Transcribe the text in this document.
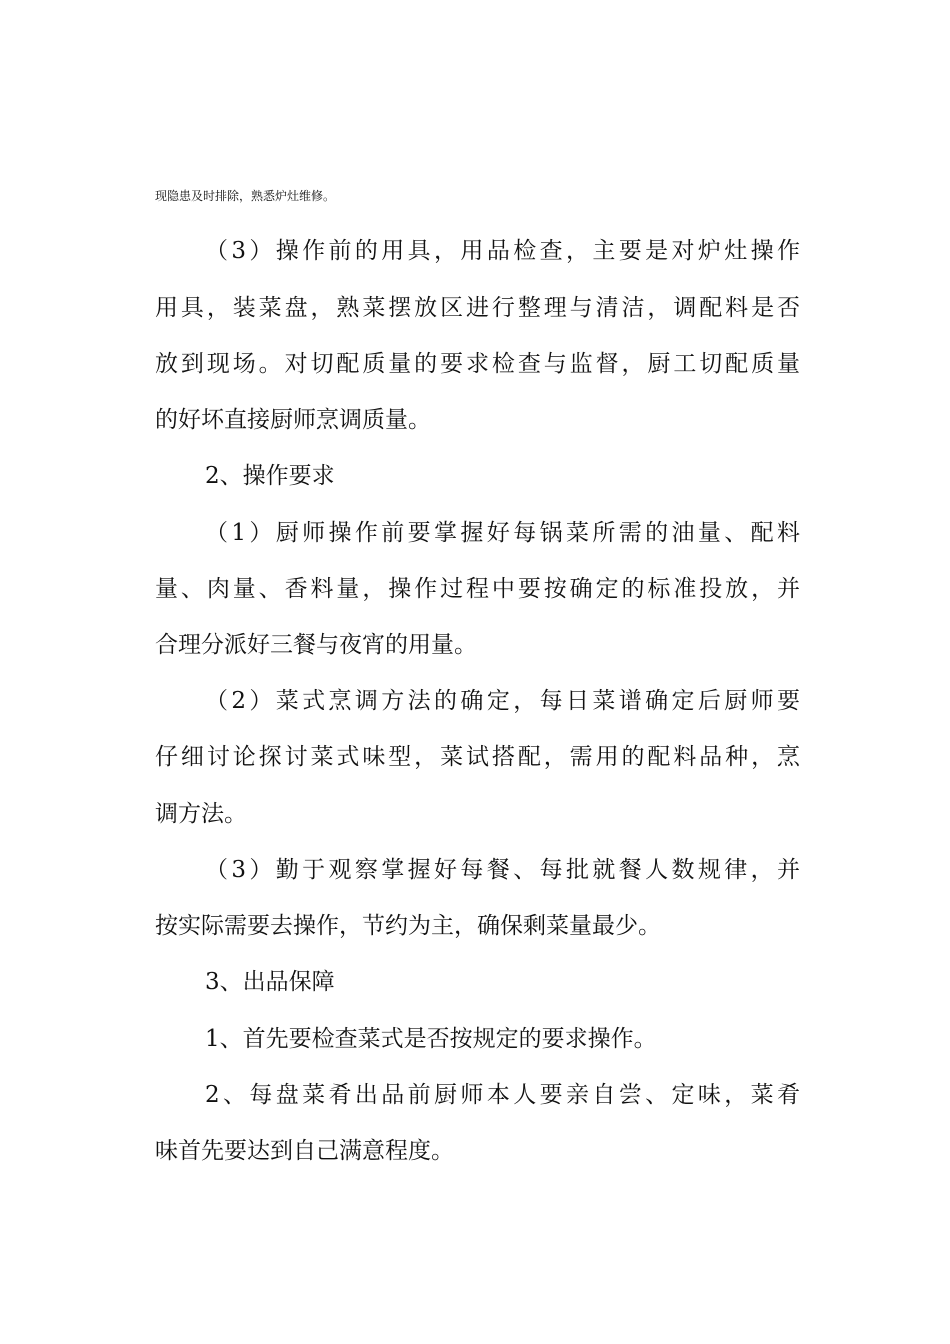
现隐患及时排除，熟悉炉灶维修。
（3）操作前的用具，用品检查，主要是对炉灶操作
用具，装菜盘，熟菜摆放区进行整理与清洁，调配料是否
放到现场。对切配质量的要求检查与监督，厨工切配质量
的好坏直接厨师烹调质量。
2、操作要求
（1）厨师操作前要掌握好每锅菜所需的油量、配料
量、肉量、香料量，操作过程中要按确定的标准投放，并
合理分派好三餐与夜宵的用量。
（2）菜式烹调方法的确定，每日菜谱确定后厨师要
仔细讨论探讨菜式味型，菜试搭配，需用的配料品种，烹
调方法。
（3）勤于观察掌握好每餐、每批就餐人数规律，并
按实际需要去操作，节约为主，确保剩菜量最少。
3、出品保障
1、首先要检查菜式是否按规定的要求操作。
2、每盘菜肴出品前厨师本人要亲自尝、定味，菜肴
味首先要达到自己满意程度。
